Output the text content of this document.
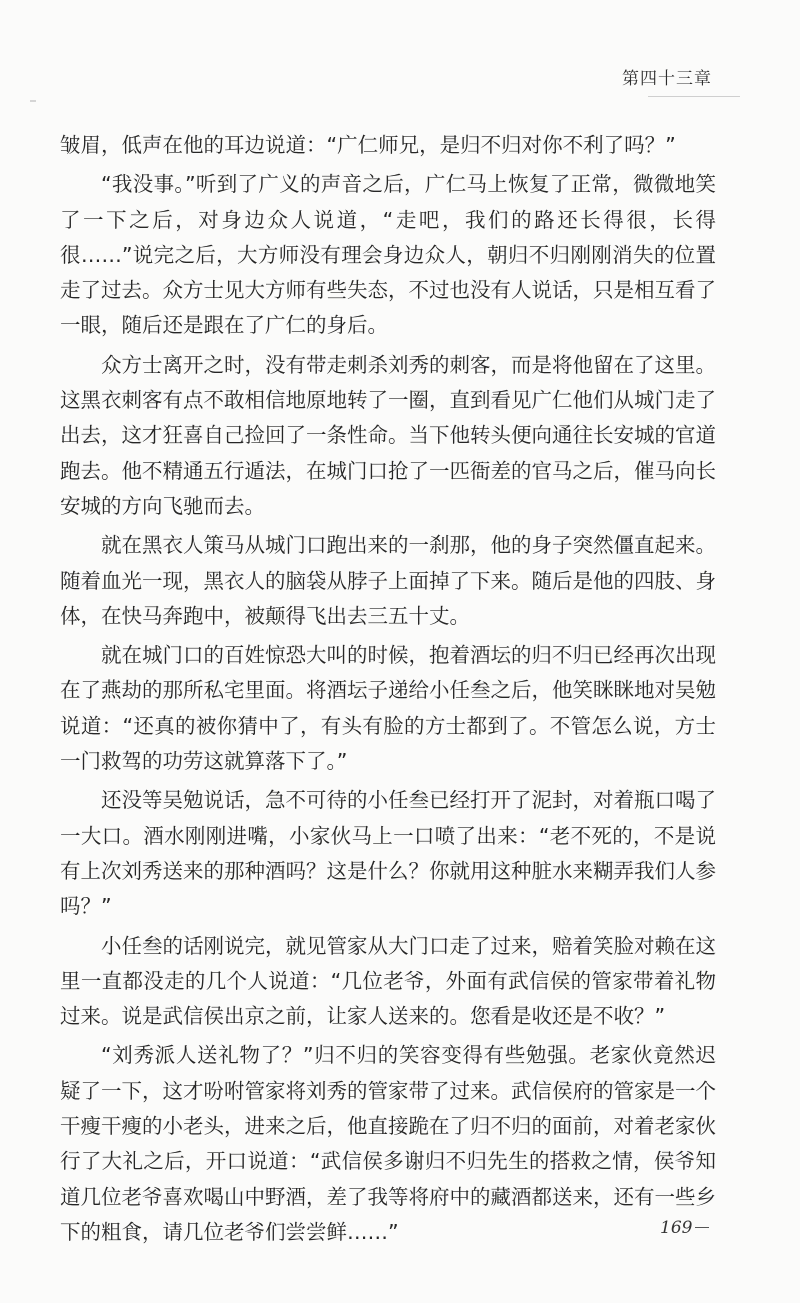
第四十三章

皱眉，低声在他的耳边说道：“广仁师兄，是归不归对你不利了吗？”

“我没事。”听到了广义的声音之后，广仁马上恢复了正常，微微地笑了一下之后，对身边众人说道，“走吧，我们的路还长得很，长得很……”说完之后，大方师没有理会身边众人，朝归不归刚刚消失的位置走了过去。众方士见大方师有些失态，不过也没有人说话，只是相互看了一眼，随后还是跟在了广仁的身后。

众方士离开之时，没有带走刺杀刘秀的刺客，而是将他留在了这里。这黑衣刺客有点不敢相信地原地转了一圈，直到看见广仁他们从城门走了出去，这才狂喜自己捡回了一条性命。当下他转头便向通往长安城的官道跑去。他不精通五行遁法，在城门口抢了一匹衙差的官马之后，催马向长安城的方向飞驰而去。

就在黑衣人策马从城门口跑出来的一刹那，他的身子突然僵直起来。随着血光一现，黑衣人的脑袋从脖子上面掉了下来。随后是他的四肢、身体，在快马奔跑中，被颠得飞出去三五十丈。

就在城门口的百姓惊恐大叫的时候，抱着酒坛的归不归已经再次出现在了燕劫的那所私宅里面。将酒坛子递给小任叁之后，他笑眯眯地对吴勉说道：“还真的被你猜中了，有头有脸的方士都到了。不管怎么说，方士一门救驾的功劳这就算落下了。”

还没等吴勉说话，急不可待的小任叁已经打开了泥封，对着瓶口喝了一大口。酒水刚刚进嘴，小家伙马上一口喷了出来：“老不死的，不是说有上次刘秀送来的那种酒吗？这是什么？你就用这种脏水来糊弄我们人参吗？”

小任叁的话刚说完，就见管家从大门口走了过来，赔着笑脸对赖在这里一直都没走的几个人说道：“几位老爷，外面有武信侯的管家带着礼物过来。说是武信侯出京之前，让家人送来的。您看是收还是不收？”

“刘秀派人送礼物了？”归不归的笑容变得有些勉强。老家伙竟然迟疑了一下，这才吩咐管家将刘秀的管家带了过来。武信侯府的管家是一个干瘦干瘦的小老头，进来之后，他直接跪在了归不归的面前，对着老家伙行了大礼之后，开口说道：“武信侯多谢归不归先生的搭救之情，侯爷知道几位老爷喜欢喝山中野酒，差了我等将府中的藏酒都送来，还有一些乡下的粗食，请几位老爷们尝尝鲜……”	169
